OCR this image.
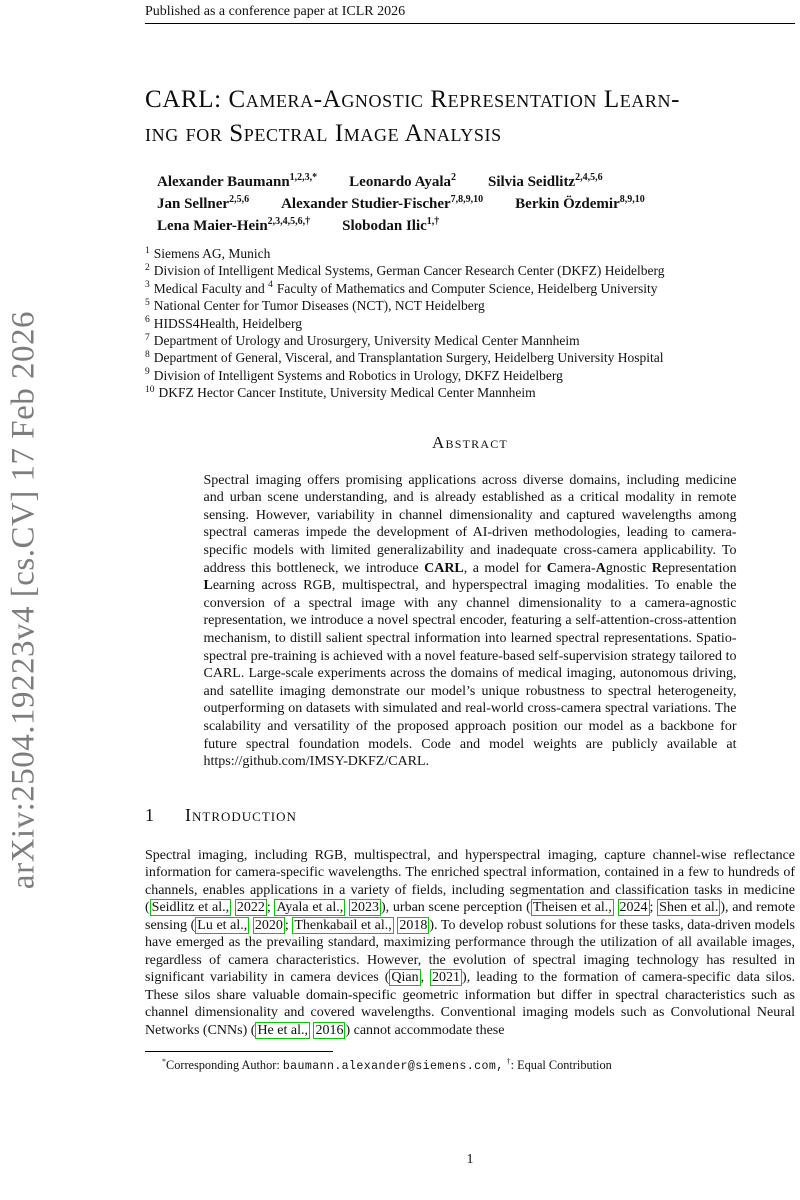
arXiv:2504.19223v4 [cs.CV] 17 Feb 2026
Published as a conference paper at ICLR 2026
CARL: Camera-Agnostic Representation Learn-
ing for Spectral Image Analysis
Alexander Baumann$^{1,2,3,*}$ Leonardo Ayala$^2$ Silvia Seidlitz$^{2,4,5,6}$
Jan Sellner$^{2,5,6}$ Alexander Studier-Fischer$^{7,8,9,10}$ Berkin Özdemir$^{8,9,10}$
Lena Maier-Hein$^{2,3,4,5,6,\dagger}$ Slobodan Ilic$^{1,\dagger}$
$^1$ Siemens AG, Munich
$^2$ Division of Intelligent Medical Systems, German Cancer Research Center (DKFZ) Heidelberg
$^3$ Medical Faculty and $^4$ Faculty of Mathematics and Computer Science, Heidelberg University
$^5$ National Center for Tumor Diseases (NCT), NCT Heidelberg
$^6$ HIDSS4Health, Heidelberg
$^7$ Department of Urology and Urosurgery, University Medical Center Mannheim
$^8$ Department of General, Visceral, and Transplantation Surgery, Heidelberg University Hospital
$^9$ Division of Intelligent Systems and Robotics in Urology, DKFZ Heidelberg
$^{10}$ DKFZ Hector Cancer Institute, University Medical Center Mannheim
Abstract

Spectral imaging offers promising applications across diverse domains, including medicine and urban scene understanding, and is already established as a critical modality in remote sensing. However, variability in channel dimensionality and captured wavelengths among spectral cameras impede the development of AI-driven methodologies, leading to camera-specific models with limited generalizability and inadequate cross-camera applicability. To address this bottleneck, we introduce CARL, a model for Camera-Agnostic Representation Learning across RGB, multispectral, and hyperspectral imaging modalities. To enable the conversion of a spectral image with any channel dimensionality to a camera-agnostic representation, we introduce a novel spectral encoder, featuring a self-attention-cross-attention mechanism, to distill salient spectral information into learned spectral representations. Spatio-spectral pre-training is achieved with a novel feature-based self-supervision strategy tailored to CARL. Large-scale experiments across the domains of medical imaging, autonomous driving, and satellite imaging demonstrate our model’s unique robustness to spectral heterogeneity, outperforming on datasets with simulated and real-world cross-camera spectral variations. The scalability and versatility of the proposed approach position our model as a backbone for future spectral foundation models. Code and model weights are publicly available at https://github.com/IMSY-DKFZ/CARL.

1 Introduction

Spectral imaging, including RGB, multispectral, and hyperspectral imaging, capture channel-wise reflectance information for camera-specific wavelengths. The enriched spectral information, contained in a few to hundreds of channels, enables applications in a variety of fields, including segmentation and classification tasks in medicine ( Seidlitz et al., 2022 ; Ayala et al., 2023 ), urban scene perception ( Theisen et al., 2024 ; Shen et al. ), and remote sensing ( Lu et al., 2020 ; Thenkabail et al., 2018 ). To develop robust solutions for these tasks, data-driven models have emerged as the prevailing standard, maximizing performance through the utilization of all available images, regardless of camera characteristics. However, the evolution of spectral imaging technology has resulted in significant variability in camera devices ( Qian , 2021 ), leading to the formation of camera-specific data silos. These silos share valuable domain-specific geometric information but differ in spectral characteristics such as channel dimensionality and covered wavelengths. Conventional imaging models such as Convolutional Neural Networks (CNNs) ( He et al., 2016 ) cannot accommodate these

*Corresponding Author: baumann.alexander@siemens.com, †: Equal Contribution
1
